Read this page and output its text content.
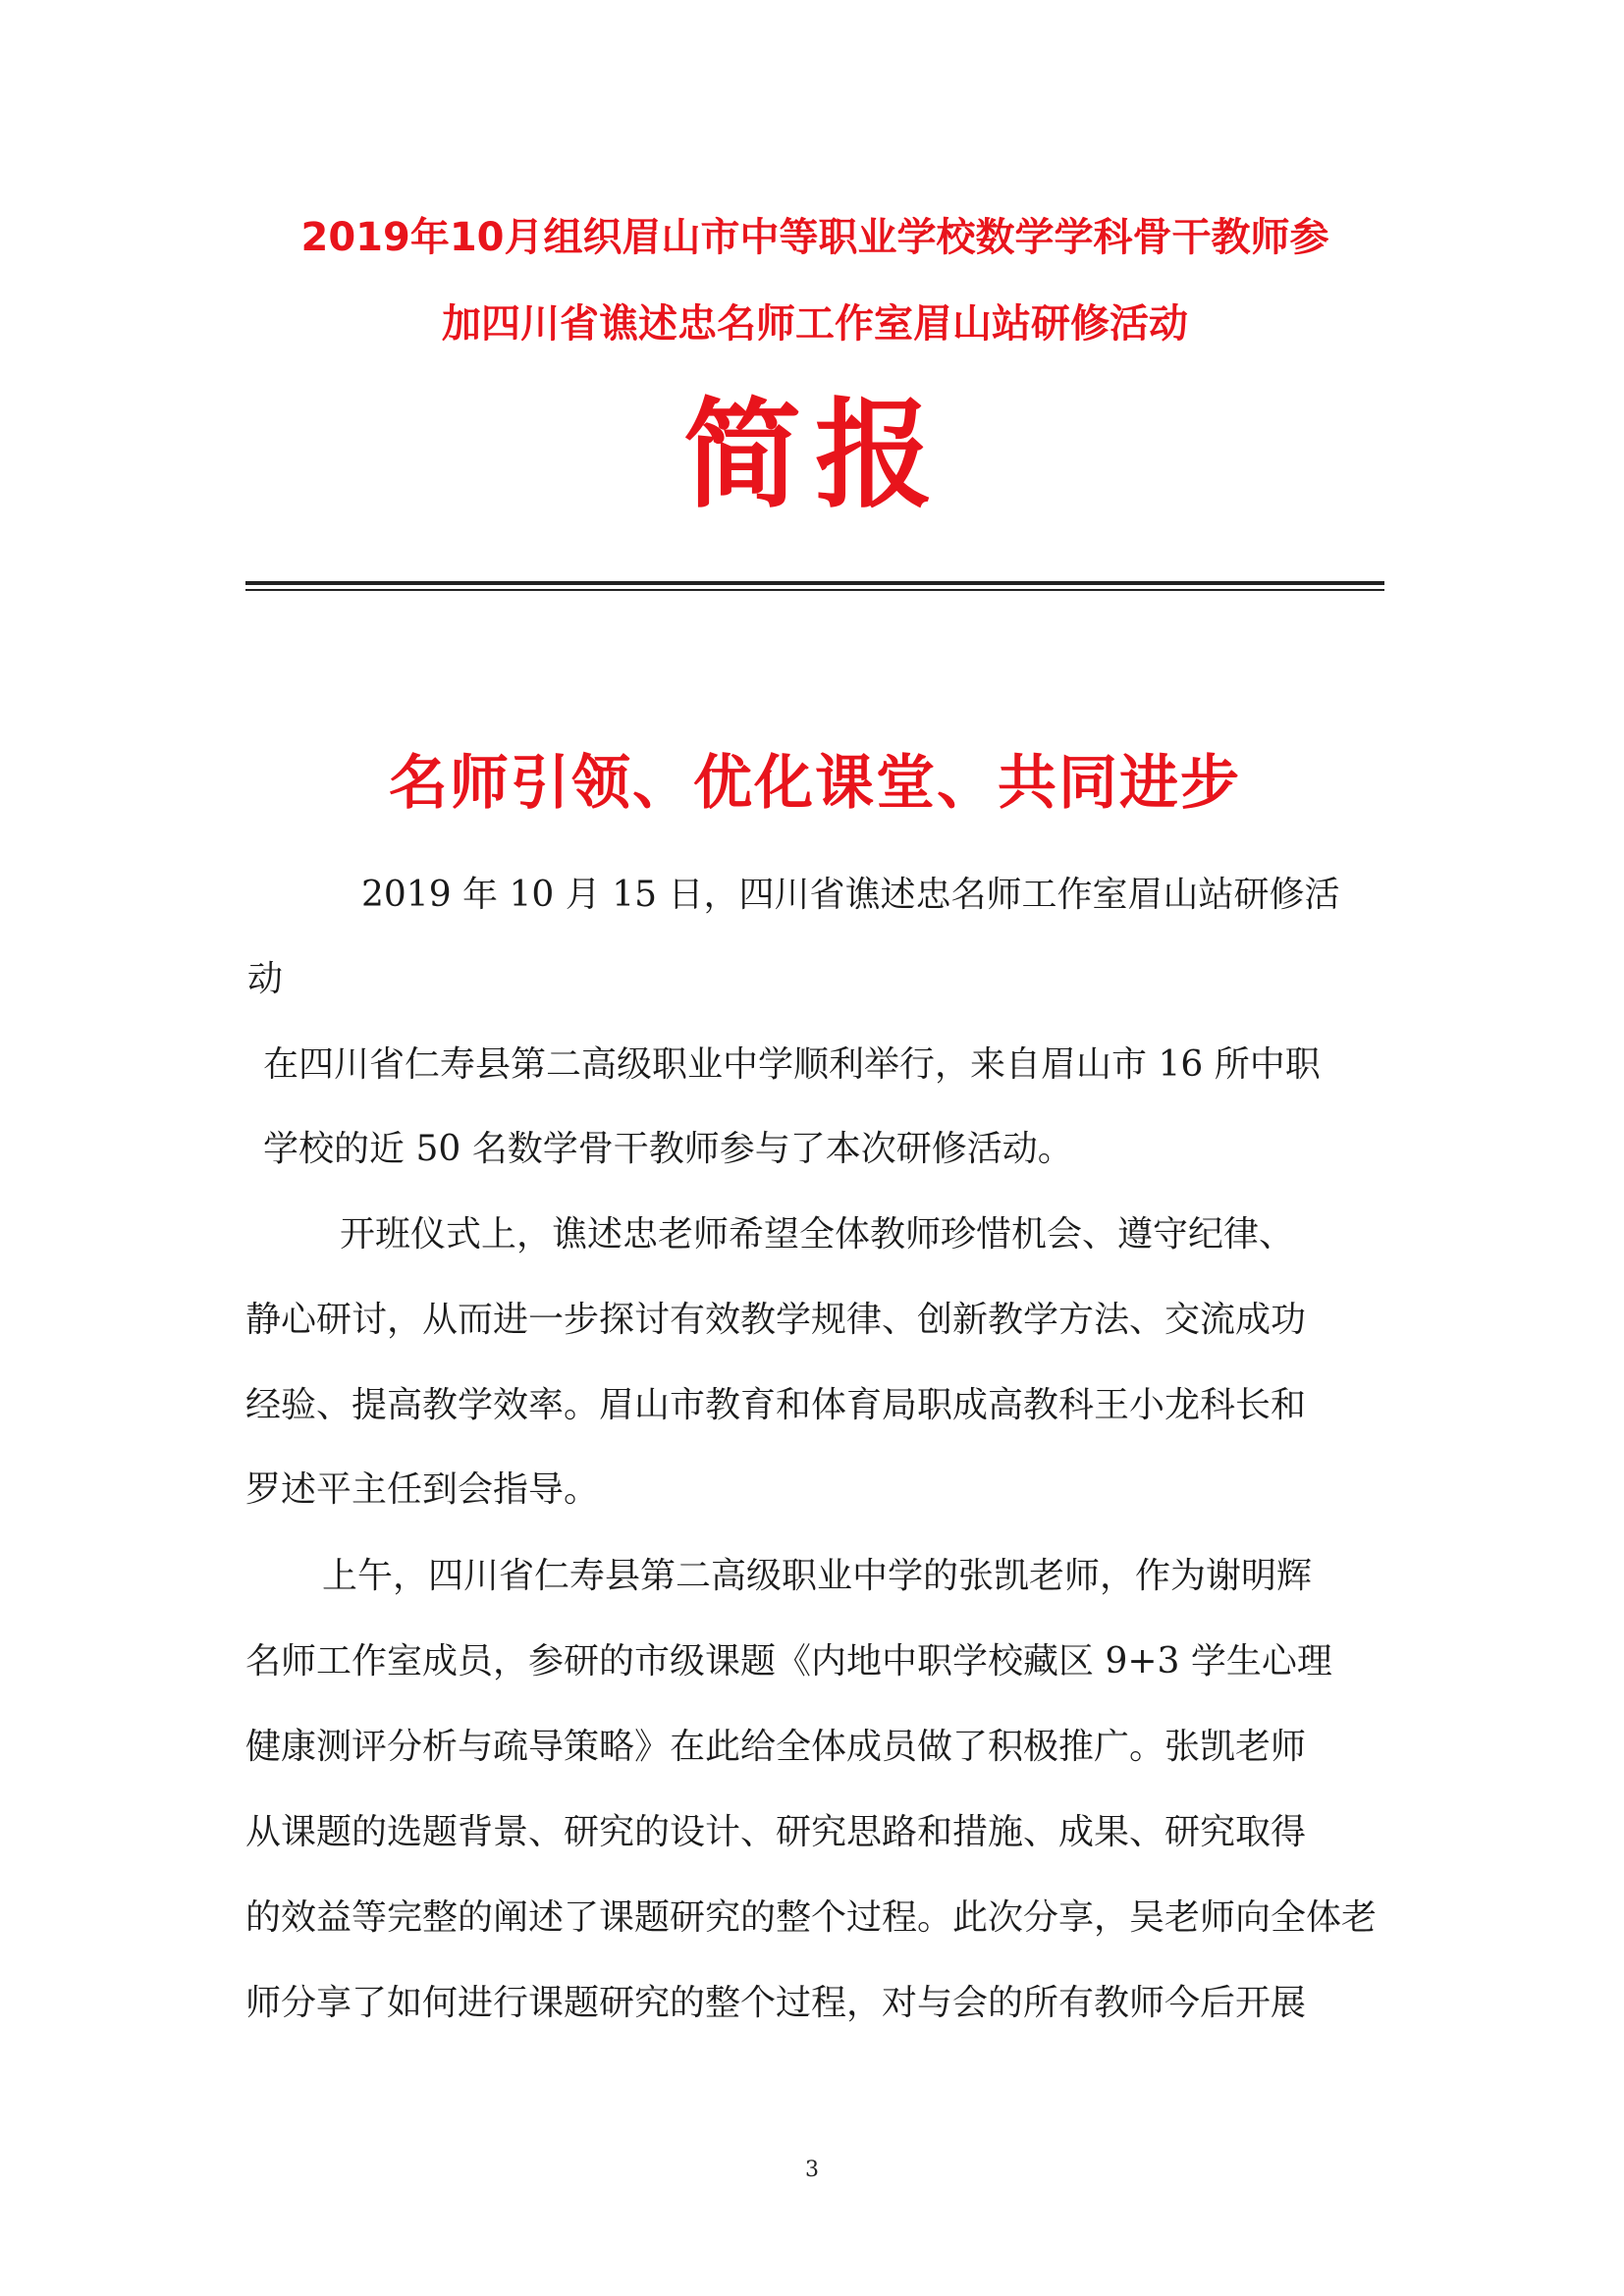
2019年10月组织眉山市中等职业学校数学学科骨干教师参
加四川省谯述忠名师工作室眉山站研修活动
简报
名师引领、优化课堂、共同进步
2019 年 10 月 15 日，四川省谯述忠名师工作室眉山站研修活
动
在四川省仁寿县第二高级职业中学顺利举行，来自眉山市 16 所中职
学校的近 50 名数学骨干教师参与了本次研修活动。
开班仪式上，谯述忠老师希望全体教师珍惜机会、遵守纪律、
静心研讨，从而进一步探讨有效教学规律、创新教学方法、交流成功
经验、提高教学效率。眉山市教育和体育局职成高教科王小龙科长和
罗述平主任到会指导。
上午，四川省仁寿县第二高级职业中学的张凯老师，作为谢明辉
名师工作室成员，参研的市级课题《内地中职学校藏区 9+3 学生心理
健康测评分析与疏导策略》在此给全体成员做了积极推广。张凯老师
从课题的选题背景、研究的设计、研究思路和措施、成果、研究取得
的效益等完整的阐述了课题研究的整个过程。此次分享，吴老师向全体老
师分享了如何进行课题研究的整个过程，对与会的所有教师今后开展
3
